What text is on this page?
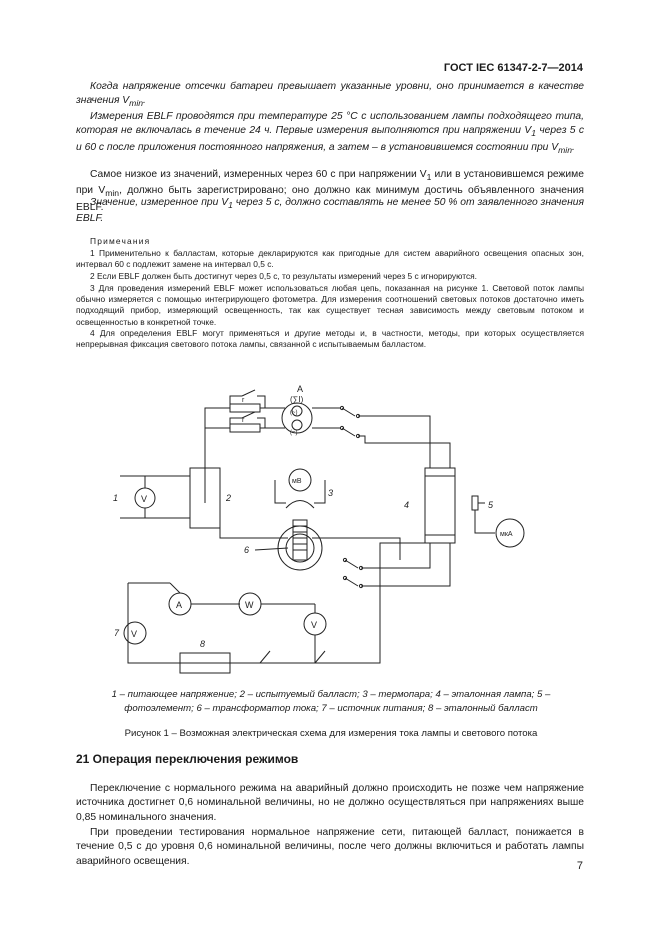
ГОСТ IEC 61347-2-7—2014
Когда напряжение отсечки батареи превышает указанные уровни, оно принимается в качестве значения $V_{min}$.
Измерения EBLF проводятся при температуре 25 °C с использованием лампы подходящего типа, которая не включалась в течение 24 ч. Первые измерения выполняются при напряжении $V_1$ через 5 с и 60 с после приложения постоянного напряжения, а затем – в установившемся состоянии при $V_{min}$.
Самое низкое из значений, измеренных через 60 с при напряжении $V_1$ или в установившемся режиме при $V_{min}$, должно быть зарегистрировано; оно должно как минимум достичь объявленного значения EBLF.
Значение, измеренное при $V_1$ через 5 с, должно составлять не менее 50 % от заявленного значения EBLF.
Примечания
1 Применительно к балластам, которые декларируются как пригодные для систем аварийного освещения опасных зон, интервал 60 с подлежит замене на интервал 0,5 с.
2 Если EBLF должен быть достигнут через 0,5 с, то результаты измерений через 5 с игнорируются.
3 Для проведения измерений EBLF может использоваться любая цепь, показанная на рисунке 1. Световой поток лампы обычно измеряется с помощью интегрирующего фотометра. Для измерения соотношений световых потоков достаточно иметь подходящий прибор, измеряющий освещенность, так как существует тесная зависимость между световым потоком и освещенностью в конкретной точке.
4 Для определения EBLF могут применяться и другие методы и, в частности, методы, при которых осуществляется непрерывная фиксация светового потока лампы, связанной с испытываемым балластом.
A
(∑I)
r
r
(~)
(=)
2
V
1
мВ
3
6
4	5
мкА
A	W
V
V
7
8
1 – питающее напряжение; 2 – испытуемый балласт; 3 – термопара; 4 – эталонная лампа; 5 – фотоэлемент; 6 – трансформатор тока; 7 – источник питания; 8 – эталонный балласт
Рисунок 1 – Возможная электрическая схема для измерения тока лампы и светового потока
21 Операция переключения режимов
Переключение с нормального режима на аварийный должно происходить не позже чем напряжение источника достигнет 0,6 номинальной величины, но не должно осуществляться при напряжениях выше 0,85 номинального значения.
При проведении тестирования нормальное напряжение сети, питающей балласт, понижается в течение 0,5 с до уровня 0,6 номинальной величины, после чего должны включиться и работать лампы аварийного освещения.	7
